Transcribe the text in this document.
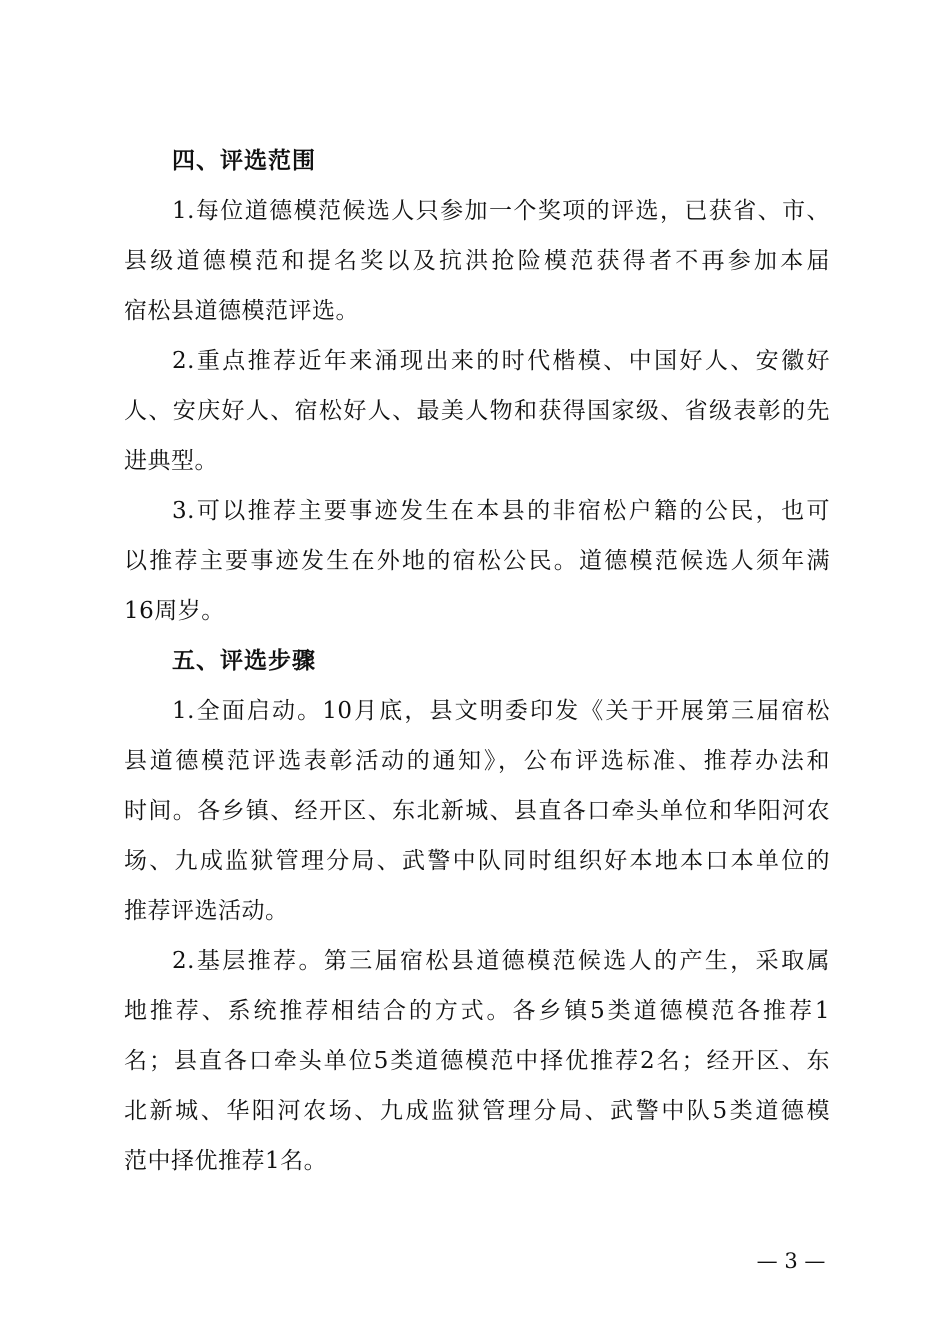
四、评选范围
1.每位道德模范候选人只参加一个奖项的评选，已获省、市、
县级道德模范和提名奖以及抗洪抢险模范获得者不再参加本届
宿松县道德模范评选。
2.重点推荐近年来涌现出来的时代楷模、中国好人、安徽好
人、安庆好人、宿松好人、最美人物和获得国家级、省级表彰的先
进典型。
3.可以推荐主要事迹发生在本县的非宿松户籍的公民，也可
以推荐主要事迹发生在外地的宿松公民。道德模范候选人须年满
16周岁。
五、评选步骤
1.全面启动。10月底，县文明委印发《关于开展第三届宿松
县道德模范评选表彰活动的通知》，公布评选标准、推荐办法和
时间。各乡镇、经开区、东北新城、县直各口牵头单位和华阳河农
场、九成监狱管理分局、武警中队同时组织好本地本口本单位的
推荐评选活动。
2.基层推荐。第三届宿松县道德模范候选人的产生，采取属
地推荐、系统推荐相结合的方式。各乡镇5类道德模范各推荐1
名；县直各口牵头单位5类道德模范中择优推荐2名；经开区、东
北新城、华阳河农场、九成监狱管理分局、武警中队5类道德模
范中择优推荐1名。
— 3 —
